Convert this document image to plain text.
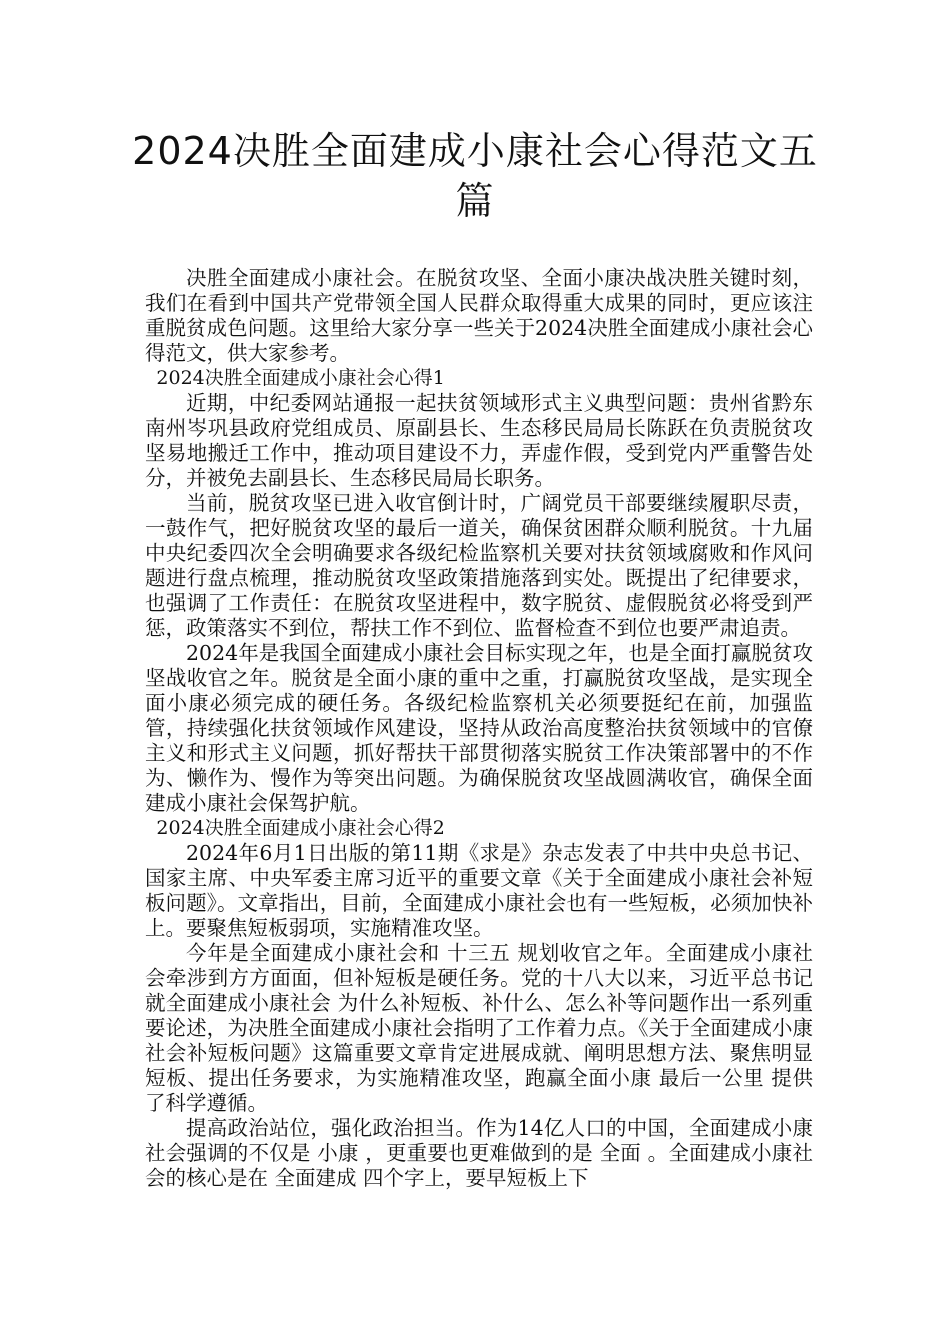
2024决胜全面建成小康社会心得范文五篇

决胜全面建成小康社会。在脱贫攻坚、全面小康决战决胜关键时刻，我们在看到中国共产党带领全国人民群众取得重大成果的同时，更应该注重脱贫成色问题。这里给大家分享一些关于2024决胜全面建成小康社会心得范文，供大家参考。

2024决胜全面建成小康社会心得1

近期，中纪委网站通报一起扶贫领域形式主义典型问题：贵州省黔东南州岑巩县政府党组成员、原副县长、生态移民局局长陈跃在负责脱贫攻坚易地搬迁工作中，推动项目建设不力，弄虚作假，受到党内严重警告处分，并被免去副县长、生态移民局局长职务。

当前，脱贫攻坚已进入收官倒计时，广阔党员干部要继续履职尽责，一鼓作气，把好脱贫攻坚的最后一道关，确保贫困群众顺利脱贫。十九届中央纪委四次全会明确要求各级纪检监察机关要对扶贫领域腐败和作风问题进行盘点梳理，推动脱贫攻坚政策措施落到实处。既提出了纪律要求，也强调了工作责任：在脱贫攻坚进程中，数字脱贫、虚假脱贫必将受到严惩，政策落实不到位，帮扶工作不到位、监督检查不到位也要严肃追责。

2024年是我国全面建成小康社会目标实现之年，也是全面打赢脱贫攻坚战收官之年。脱贫是全面小康的重中之重，打赢脱贫攻坚战，是实现全面小康必须完成的硬任务。各级纪检监察机关必须要挺纪在前，加强监管，持续强化扶贫领域作风建设，坚持从政治高度整治扶贫领域中的官僚主义和形式主义问题，抓好帮扶干部贯彻落实脱贫工作决策部署中的不作为、懒作为、慢作为等突出问题。为确保脱贫攻坚战圆满收官，确保全面建成小康社会保驾护航。

2024决胜全面建成小康社会心得2

2024年6月1日出版的第11期《求是》杂志发表了中共中央总书记、国家主席、中央军委主席习近平的重要文章《关于全面建成小康社会补短板问题》。文章指出，目前，全面建成小康社会也有一些短板，必须加快补上。要聚焦短板弱项，实施精准攻坚。

今年是全面建成小康社会和 十三五 规划收官之年。全面建成小康社会牵涉到方方面面，但补短板是硬任务。党的十八大以来，习近平总书记就全面建成小康社会 为什么补短板、补什么、怎么补等问题作出一系列重要论述，为决胜全面建成小康社会指明了工作着力点。《关于全面建成小康社会补短板问题》这篇重要文章肯定进展成就、阐明思想方法、聚焦明显短板、提出任务要求，为实施精准攻坚，跑赢全面小康 最后一公里 提供了科学遵循。

提高政治站位，强化政治担当。作为14亿人口的中国，全面建成小康社会强调的不仅是 小康 ，更重要也更难做到的是 全面 。全面建成小康社会的核心是在 全面建成 四个字上，要早短板上下
